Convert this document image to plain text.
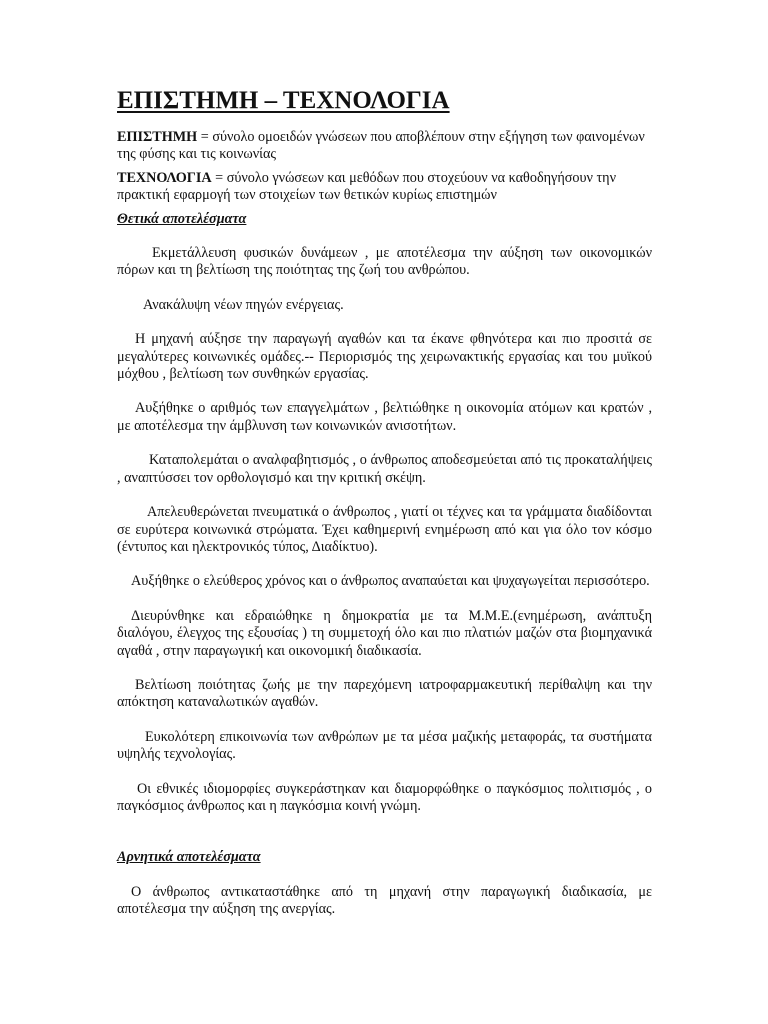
ΕΠΙΣΤΗΜΗ – ΤΕΧΝΟΛΟΓΙΑ

ΕΠΙΣΤΗΜΗ = σύνολο ομοειδών γνώσεων που αποβλέπουν στην εξήγηση των φαινομένων της φύσης και τις κοινωνίας

ΤΕΧΝΟΛΟΓΙΑ = σύνολο γνώσεων και μεθόδων που στοχεύουν να καθοδηγήσουν την πρακτική εφαρμογή των στοιχείων των θετικών κυρίως επιστημών

Θετικά αποτελέσματα

Εκμετάλλευση φυσικών δυνάμεων , με αποτέλεσμα την αύξηση των οικονομικών πόρων και τη βελτίωση της ποιότητας της ζωή του ανθρώπου.

Ανακάλυψη νέων πηγών ενέργειας.

Η μηχανή αύξησε την παραγωγή αγαθών και τα έκανε φθηνότερα και πιο προσιτά σε μεγαλύτερες κοινωνικές ομάδες.-- Περιορισμός της χειρωνακτικής εργασίας και του μυϊκού μόχθου , βελτίωση των συνθηκών εργασίας.

Αυξήθηκε ο αριθμός των επαγγελμάτων , βελτιώθηκε η οικονομία ατόμων και κρατών , με αποτέλεσμα την άμβλυνση των κοινωνικών ανισοτήτων.

Καταπολεμάται ο αναλφαβητισμός , ο άνθρωπος αποδεσμεύεται από τις προκαταλήψεις , αναπτύσσει τον ορθολογισμό και την κριτική σκέψη.

Απελευθερώνεται πνευματικά ο άνθρωπος , γιατί οι τέχνες και τα γράμματα διαδίδονται σε ευρύτερα κοινωνικά στρώματα. Έχει καθημερινή ενημέρωση από και για όλο τον κόσμο (έντυπος και ηλεκτρονικός τύπος, Διαδίκτυο).

Αυξήθηκε ο ελεύθερος χρόνος και ο άνθρωπος αναπαύεται και ψυχαγωγείται περισσότερο.

Διευρύνθηκε και εδραιώθηκε η δημοκρατία με τα Μ.Μ.Ε.(ενημέρωση, ανάπτυξη διαλόγου, έλεγχος της εξουσίας ) τη συμμετοχή όλο και πιο πλατιών μαζών στα βιομηχανικά αγαθά , στην παραγωγική και οικονομική διαδικασία.

Βελτίωση ποιότητας ζωής με την παρεχόμενη ιατροφαρμακευτική περίθαλψη και την απόκτηση καταναλωτικών αγαθών.

Ευκολότερη επικοινωνία των ανθρώπων με τα μέσα μαζικής μεταφοράς, τα συστήματα υψηλής τεχνολογίας.

Οι εθνικές ιδιομορφίες συγκεράστηκαν και διαμορφώθηκε ο παγκόσμιος πολιτισμός , ο παγκόσμιος άνθρωπος και η παγκόσμια κοινή γνώμη.

Αρνητικά αποτελέσματα

Ο άνθρωπος αντικαταστάθηκε από τη μηχανή στην παραγωγική διαδικασία, με αποτέλεσμα την αύξηση της ανεργίας.
